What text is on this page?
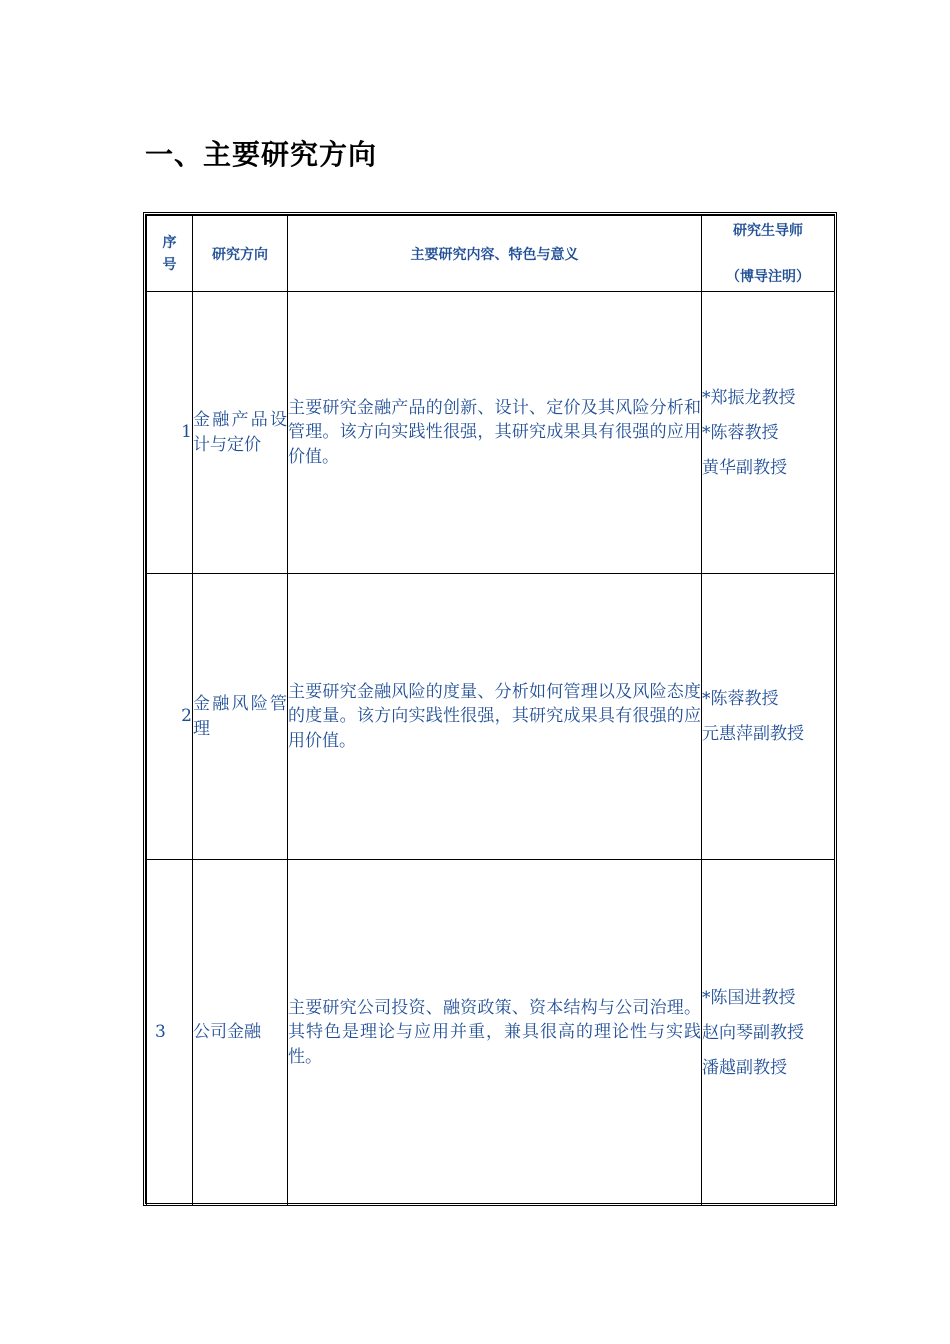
一、主要研究方向
序号	研究方向	主要研究内容、特色与意义	研究生导师
（博导注明）

1	金融产品设计与定价	主要研究金融产品的创新、设计、定价及其风险分析和管理。该方向实践性很强，其研究成果具有很强的应用价值。	*郑振龙教授
*陈蓉教授
黄华副教授

2	金融风险管理	主要研究金融风险的度量、分析如何管理以及风险态度的度量。该方向实践性很强，其研究成果具有很强的应用价值。	*陈蓉教授
元惠萍副教授

3	公司金融	主要研究公司投资、融资政策、资本结构与公司治理。其特色是理论与应用并重，兼具很高的理论性与实践性。	*陈国进教授
赵向琴副教授
潘越副教授
